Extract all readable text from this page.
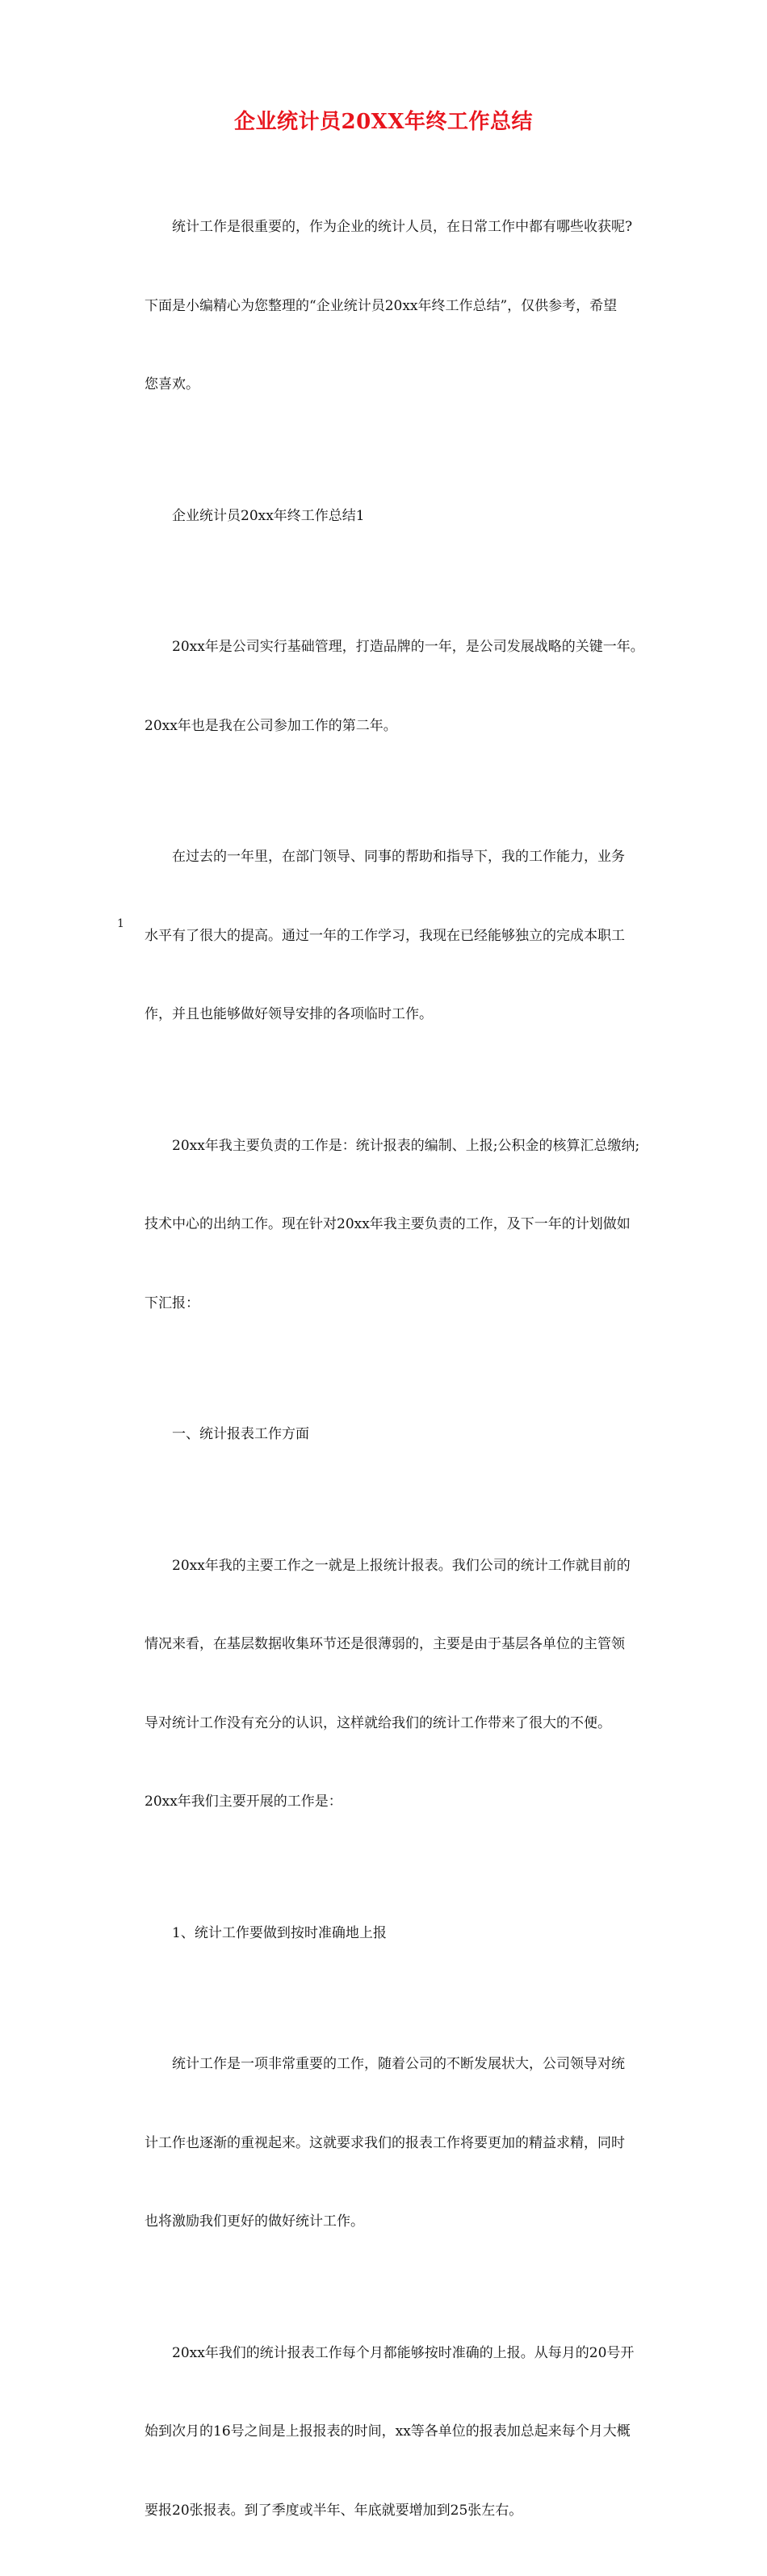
企业统计员20XX年终工作总结

　　统计工作是很重要的，作为企业的统计人员，在日常工作中都有哪些收获呢?

下面是小编精心为您整理的“企业统计员20xx年终工作总结”，仅供参考，希望

您喜欢。

　　企业统计员20xx年终工作总结1

　　20xx年是公司实行基础管理，打造品牌的一年，是公司发展战略的关键一年。

20xx年也是我在公司参加工作的第二年。

　　在过去的一年里，在部门领导、同事的帮助和指导下，我的工作能力，业务

水平有了很大的提高。通过一年的工作学习，我现在已经能够独立的完成本职工

作，并且也能够做好领导安排的各项临时工作。

　　20xx年我主要负责的工作是：统计报表的编制、上报;公积金的核算汇总缴纳;

技术中心的出纳工作。现在针对20xx年我主要负责的工作，及下一年的计划做如

下汇报：

　　一、统计报表工作方面

　　20xx年我的主要工作之一就是上报统计报表。我们公司的统计工作就目前的

情况来看，在基层数据收集环节还是很薄弱的，主要是由于基层各单位的主管领

导对统计工作没有充分的认识，这样就给我们的统计工作带来了很大的不便。

20xx年我们主要开展的工作是：

　　1、统计工作要做到按时准确地上报

　　统计工作是一项非常重要的工作，随着公司的不断发展状大，公司领导对统

计工作也逐渐的重视起来。这就要求我们的报表工作将要更加的精益求精，同时

也将激励我们更好的做好统计工作。

　　20xx年我们的统计报表工作每个月都能够按时准确的上报。从每月的20号开

始到次月的16号之间是上报报表的时间，xx等各单位的报表加总起来每个月大概

要报20张报表。到了季度或半年、年底就要增加到25张左右。

1
